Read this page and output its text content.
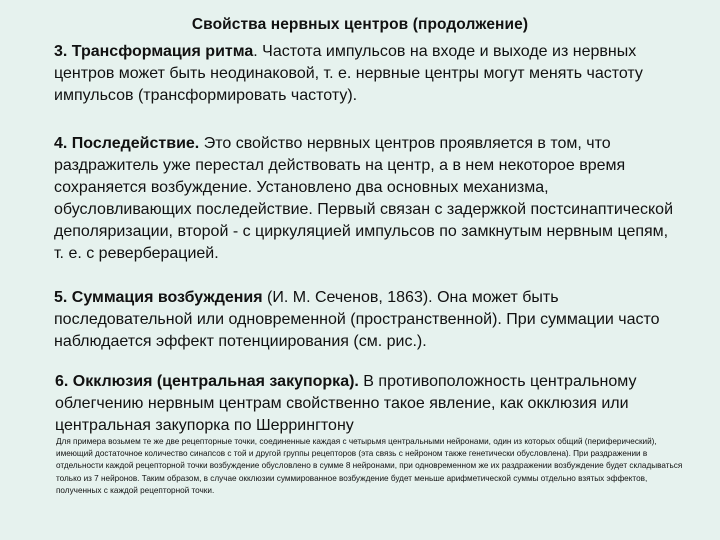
Свойства нервных центров (продолжение)
3. Трансформация ритма. Частота импульсов на входе и выходе из нервных центров может быть неодинаковой, т. е. нервные центры могут менять частоту импульсов (трансформировать частоту).
4. Последействие. Это свойство нервных центров проявляется в том, что раздражитель уже перестал действовать на центр, а в нем некоторое время сохраняется возбуждение. Установлено два основных механизма, обусловливающих последействие. Первый связан с задержкой постсинаптической деполяризации, второй - с циркуляцией импульсов по замкнутым нервным цепям, т. е. с реверберацией.
5. Суммация возбуждения (И. М. Сеченов, 1863). Она может быть последовательной или одновременной (пространственной). При суммации часто наблюдается эффект потенциирования (см. рис.).
6. Окклюзия (центральная закупорка). В противоположность центральному облегчению нервным центрам свойственно такое явление, как окклюзия или центральная закупорка по Шеррингтону
Для примера возьмем те же две рецепторные точки, соединенные каждая с четырьмя центральными нейронами, один из которых общий (периферический), имеющий достаточное количество синапсов с той и другой группы рецепторов (эта связь с нейроном также генетически обусловлена). При раздражении в отдельности каждой рецепторной точки возбуждение обусловлено в сумме 8 нейронами, при одновременном же их раздражении возбуждение будет складываться только из 7 нейронов. Таким образом, в случае окклюзии суммированное возбуждение будет меньше арифметической суммы отдельно взятых эффектов, полученных с каждой рецепторной точки.
